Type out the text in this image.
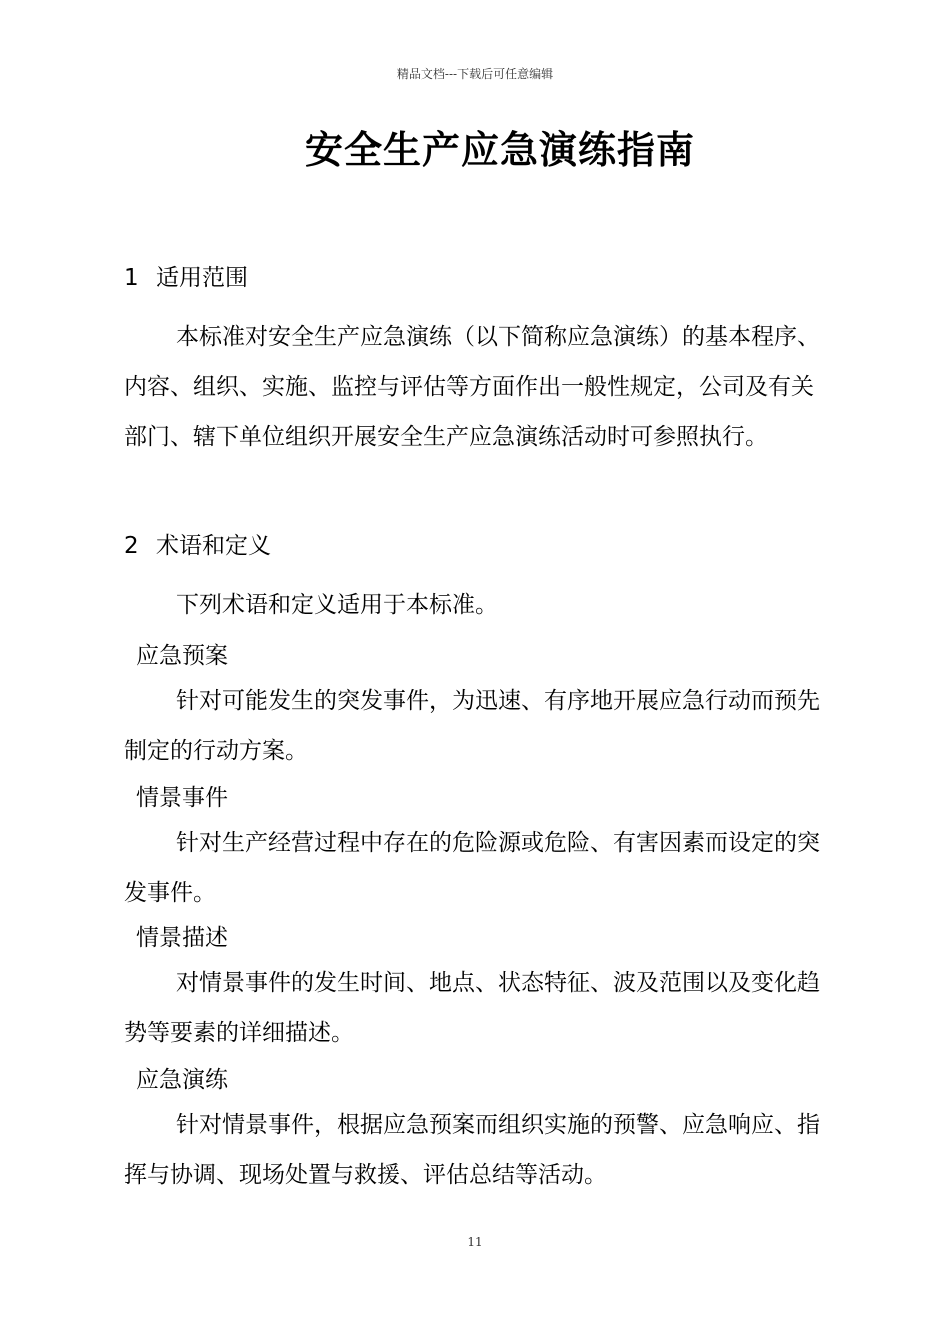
精品文档---下载后可任意编辑
安全生产应急演练指南
1 适用范围
本标准对安全生产应急演练（以下简称应急演练）的基本程序、内容、组织、实施、监控与评估等方面作出一般性规定，公司及有关部门、辖下单位组织开展安全生产应急演练活动时可参照执行。
2 术语和定义
下列术语和定义适用于本标准。
应急预案
针对可能发生的突发事件，为迅速、有序地开展应急行动而预先制定的行动方案。
情景事件
针对生产经营过程中存在的危险源或危险、有害因素而设定的突发事件。
情景描述
对情景事件的发生时间、地点、状态特征、波及范围以及变化趋势等要素的详细描述。
应急演练
针对情景事件，根据应急预案而组织实施的预警、应急响应、指挥与协调、现场处置与救援、评估总结等活动。
11
